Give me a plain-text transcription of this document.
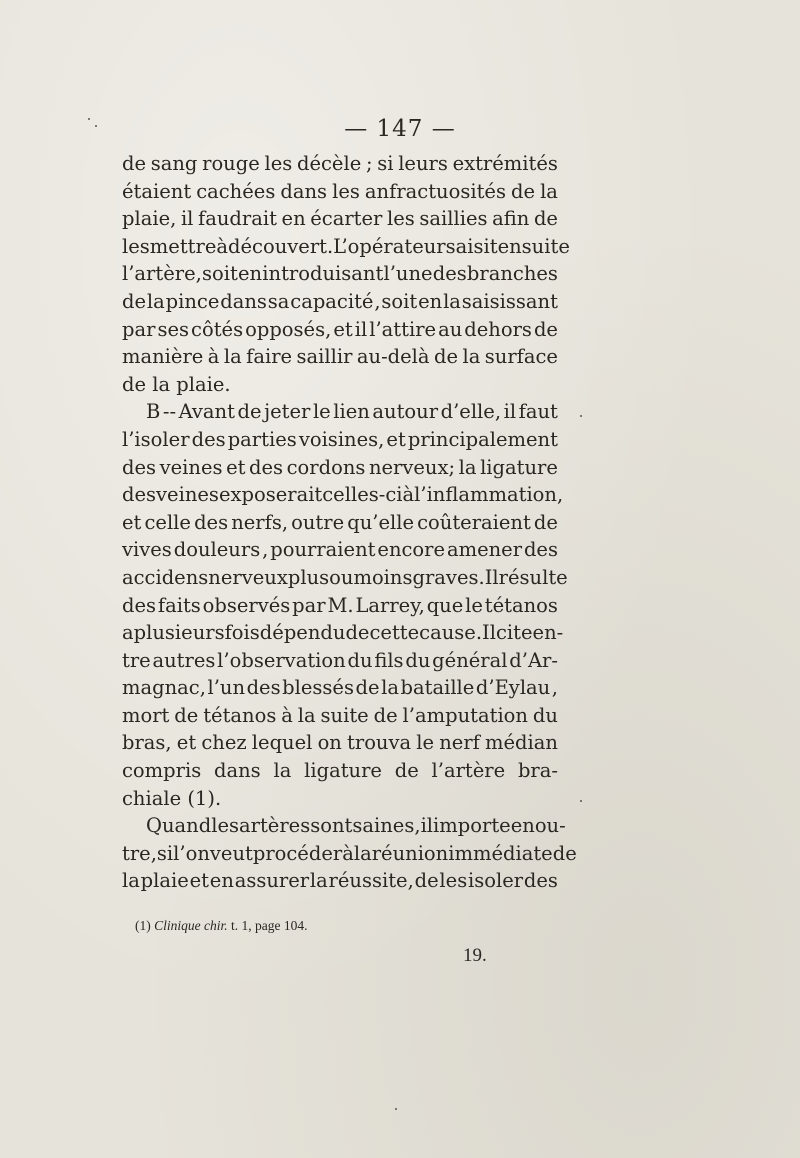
— 147 —
de sang rouge les décèle ; si leurs extrémités
étaient cachées dans les anfractuosités de la
plaie, il faudrait en écarter les saillies afin de
les mettre à découvert. L’opérateur saisit ensuite
l’artère, soit en introduisant l’une des branches
de la pince dans sa capacité , soit en la saisissant
par ses côtés opposés, et il l’attire au dehors de
manière à la faire saillir au-delà de la surface
de la plaie.
B -- Avant de jeter le lien autour d’elle, il faut
l’isoler des parties voisines, et principalement
des veines et des cordons nerveux; la ligature
des veines exposerait celles-ci à l’inflammation ,
et celle des nerfs, outre qu’elle coûteraient de
vives douleurs , pourraient encore amener des
accidens nerveux plus ou moins graves. Il résulte
des faits observés par M. Larrey, que le tétanos
a plusieurs fois dépendu de cette cause. Il cite en-
tre autres l’observation du fils du général d’Ar-
magnac, l’un des blessés de la bataille d’Eylau ,
mort de tétanos à la suite de l’amputation du
bras, et chez lequel on trouva le nerf médian
compris dans la ligature de l’artère bra-
chiale (1).
Quand les artères sont saines, il importe en ou-
tre, si l’on veut procéder à la réunion immédiate de
la plaie et en assurer la réussite, de les isoler des
(1) Clinique chir. t. 1, page 104.
19.
